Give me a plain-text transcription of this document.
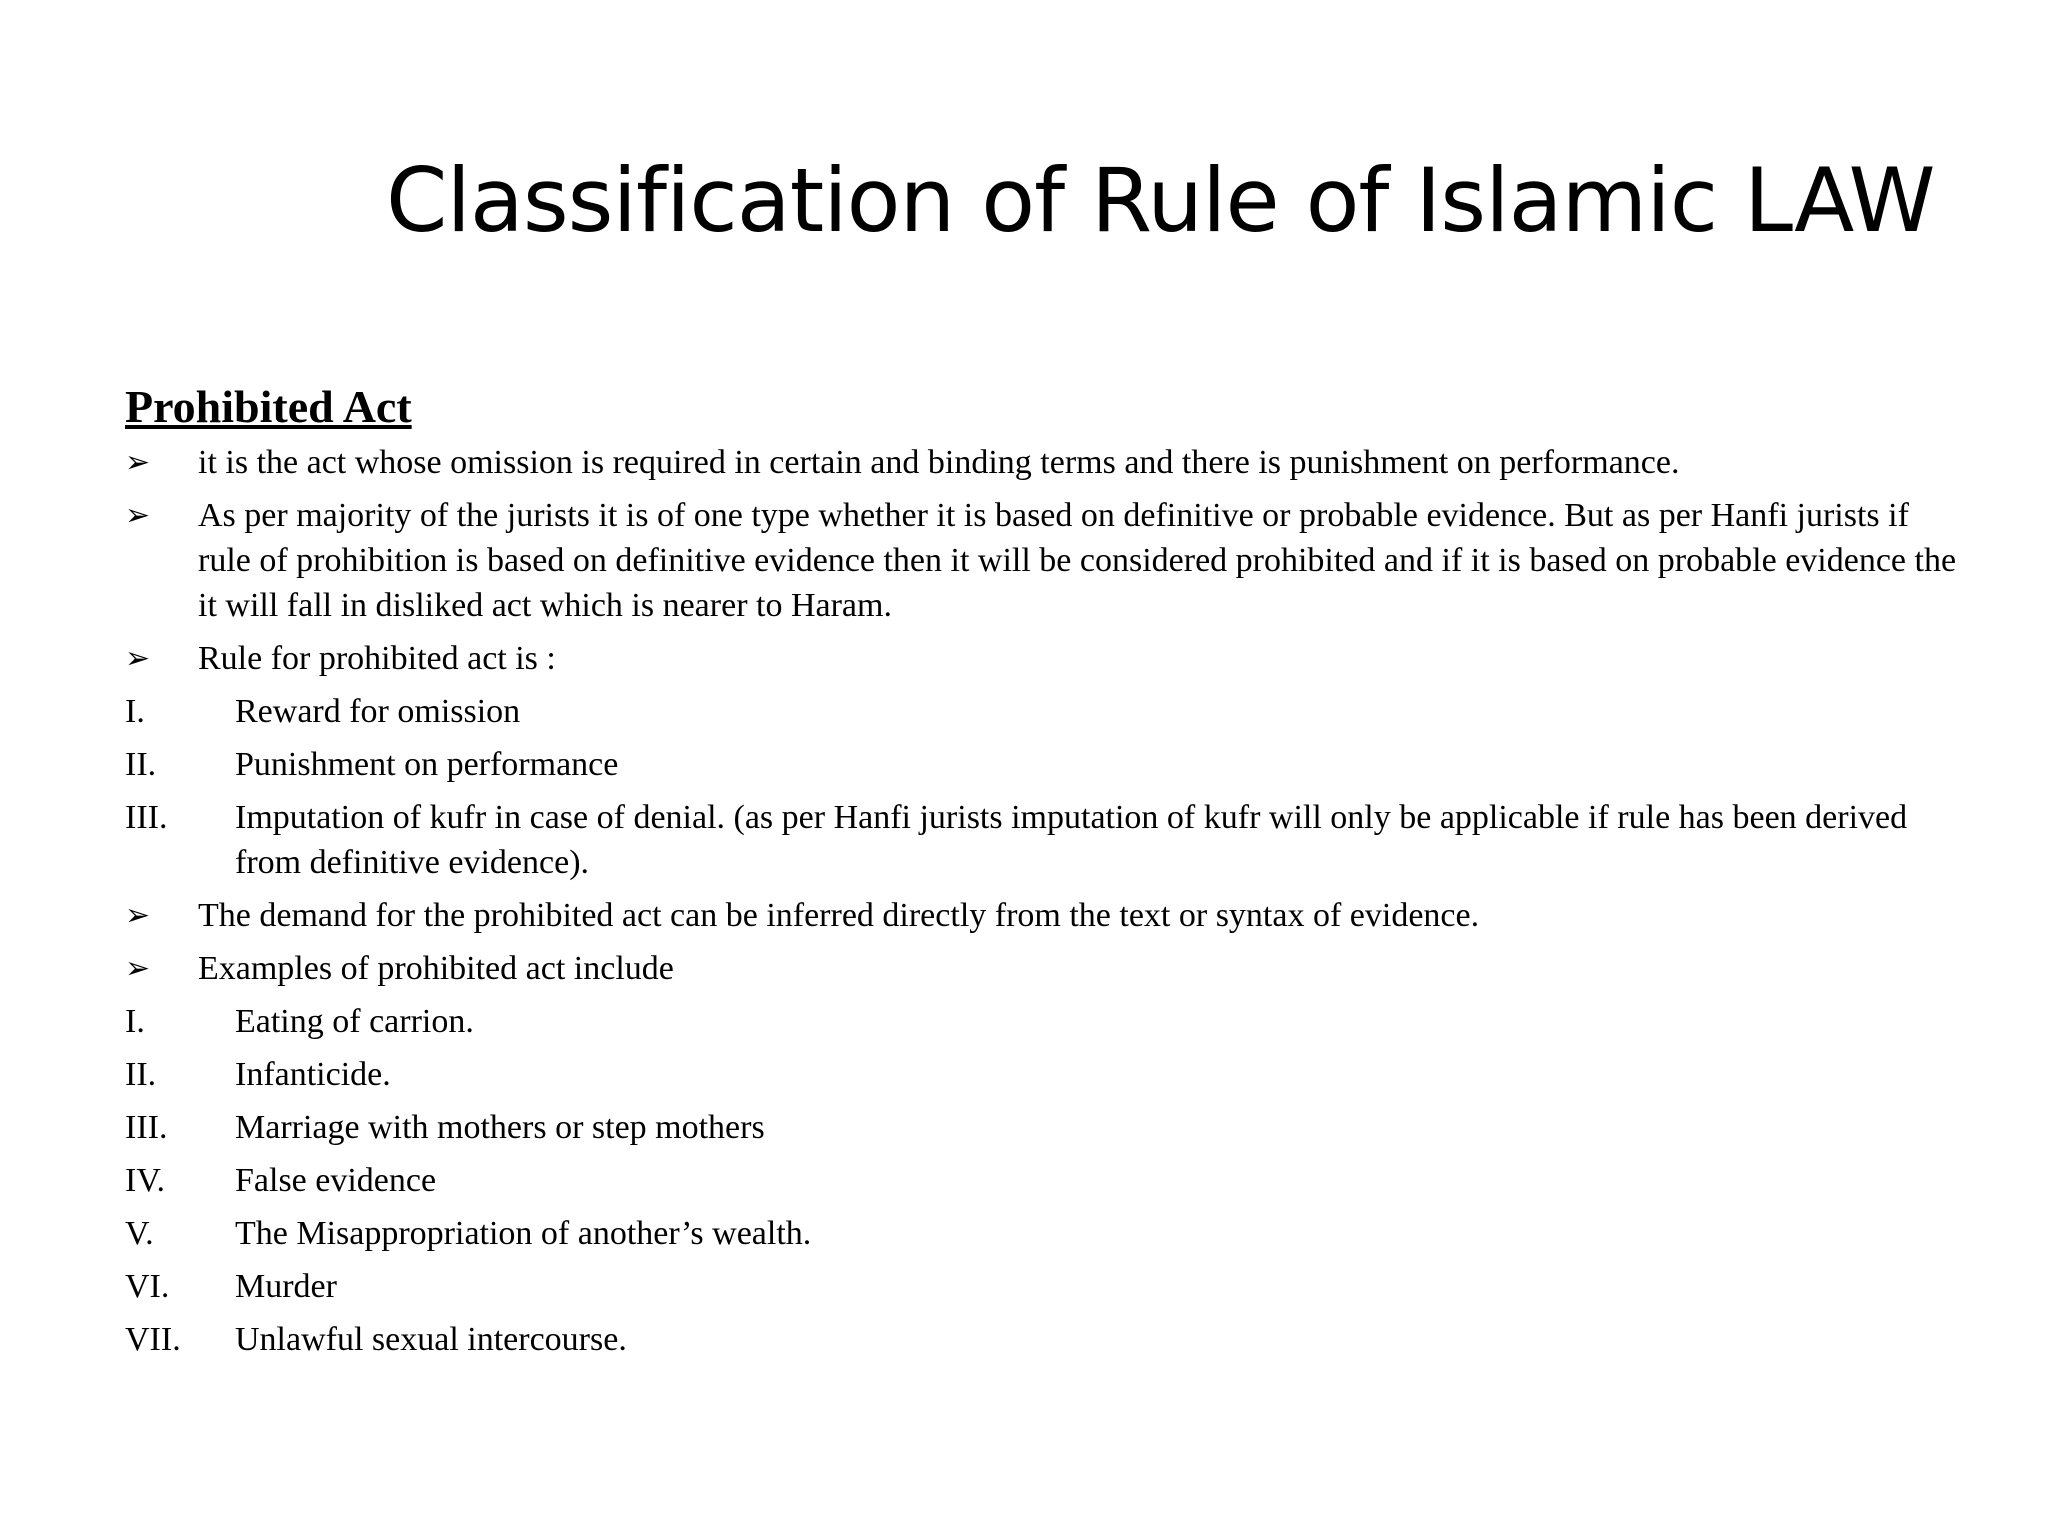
Classification of Rule of Islamic LAW
Prohibited Act
➢	it is the act whose omission is required in certain and binding terms and there is punishment on performance.
➢	As per majority of the jurists it is of one type whether it is based on definitive or probable evidence. But as per Hanfi jurists if rule of prohibition is based on definitive evidence then it will be considered prohibited and if it is based on probable evidence the it will fall in disliked act which is nearer to Haram.
➢	Rule for prohibited act is :
I.	Reward for omission
II.	Punishment on performance
III.	Imputation of kufr in case of denial. (as per Hanfi jurists imputation of kufr will only be applicable if rule has been derived from definitive evidence).
➢	The demand for the prohibited act can be inferred directly from the text or syntax of evidence.
➢	Examples of prohibited act include
I.	Eating of carrion.
II.	Infanticide.
III.	Marriage with mothers or step mothers
IV.	False evidence
V.	The Misappropriation of another’s wealth.
VI.	Murder
VII.	Unlawful sexual intercourse.
